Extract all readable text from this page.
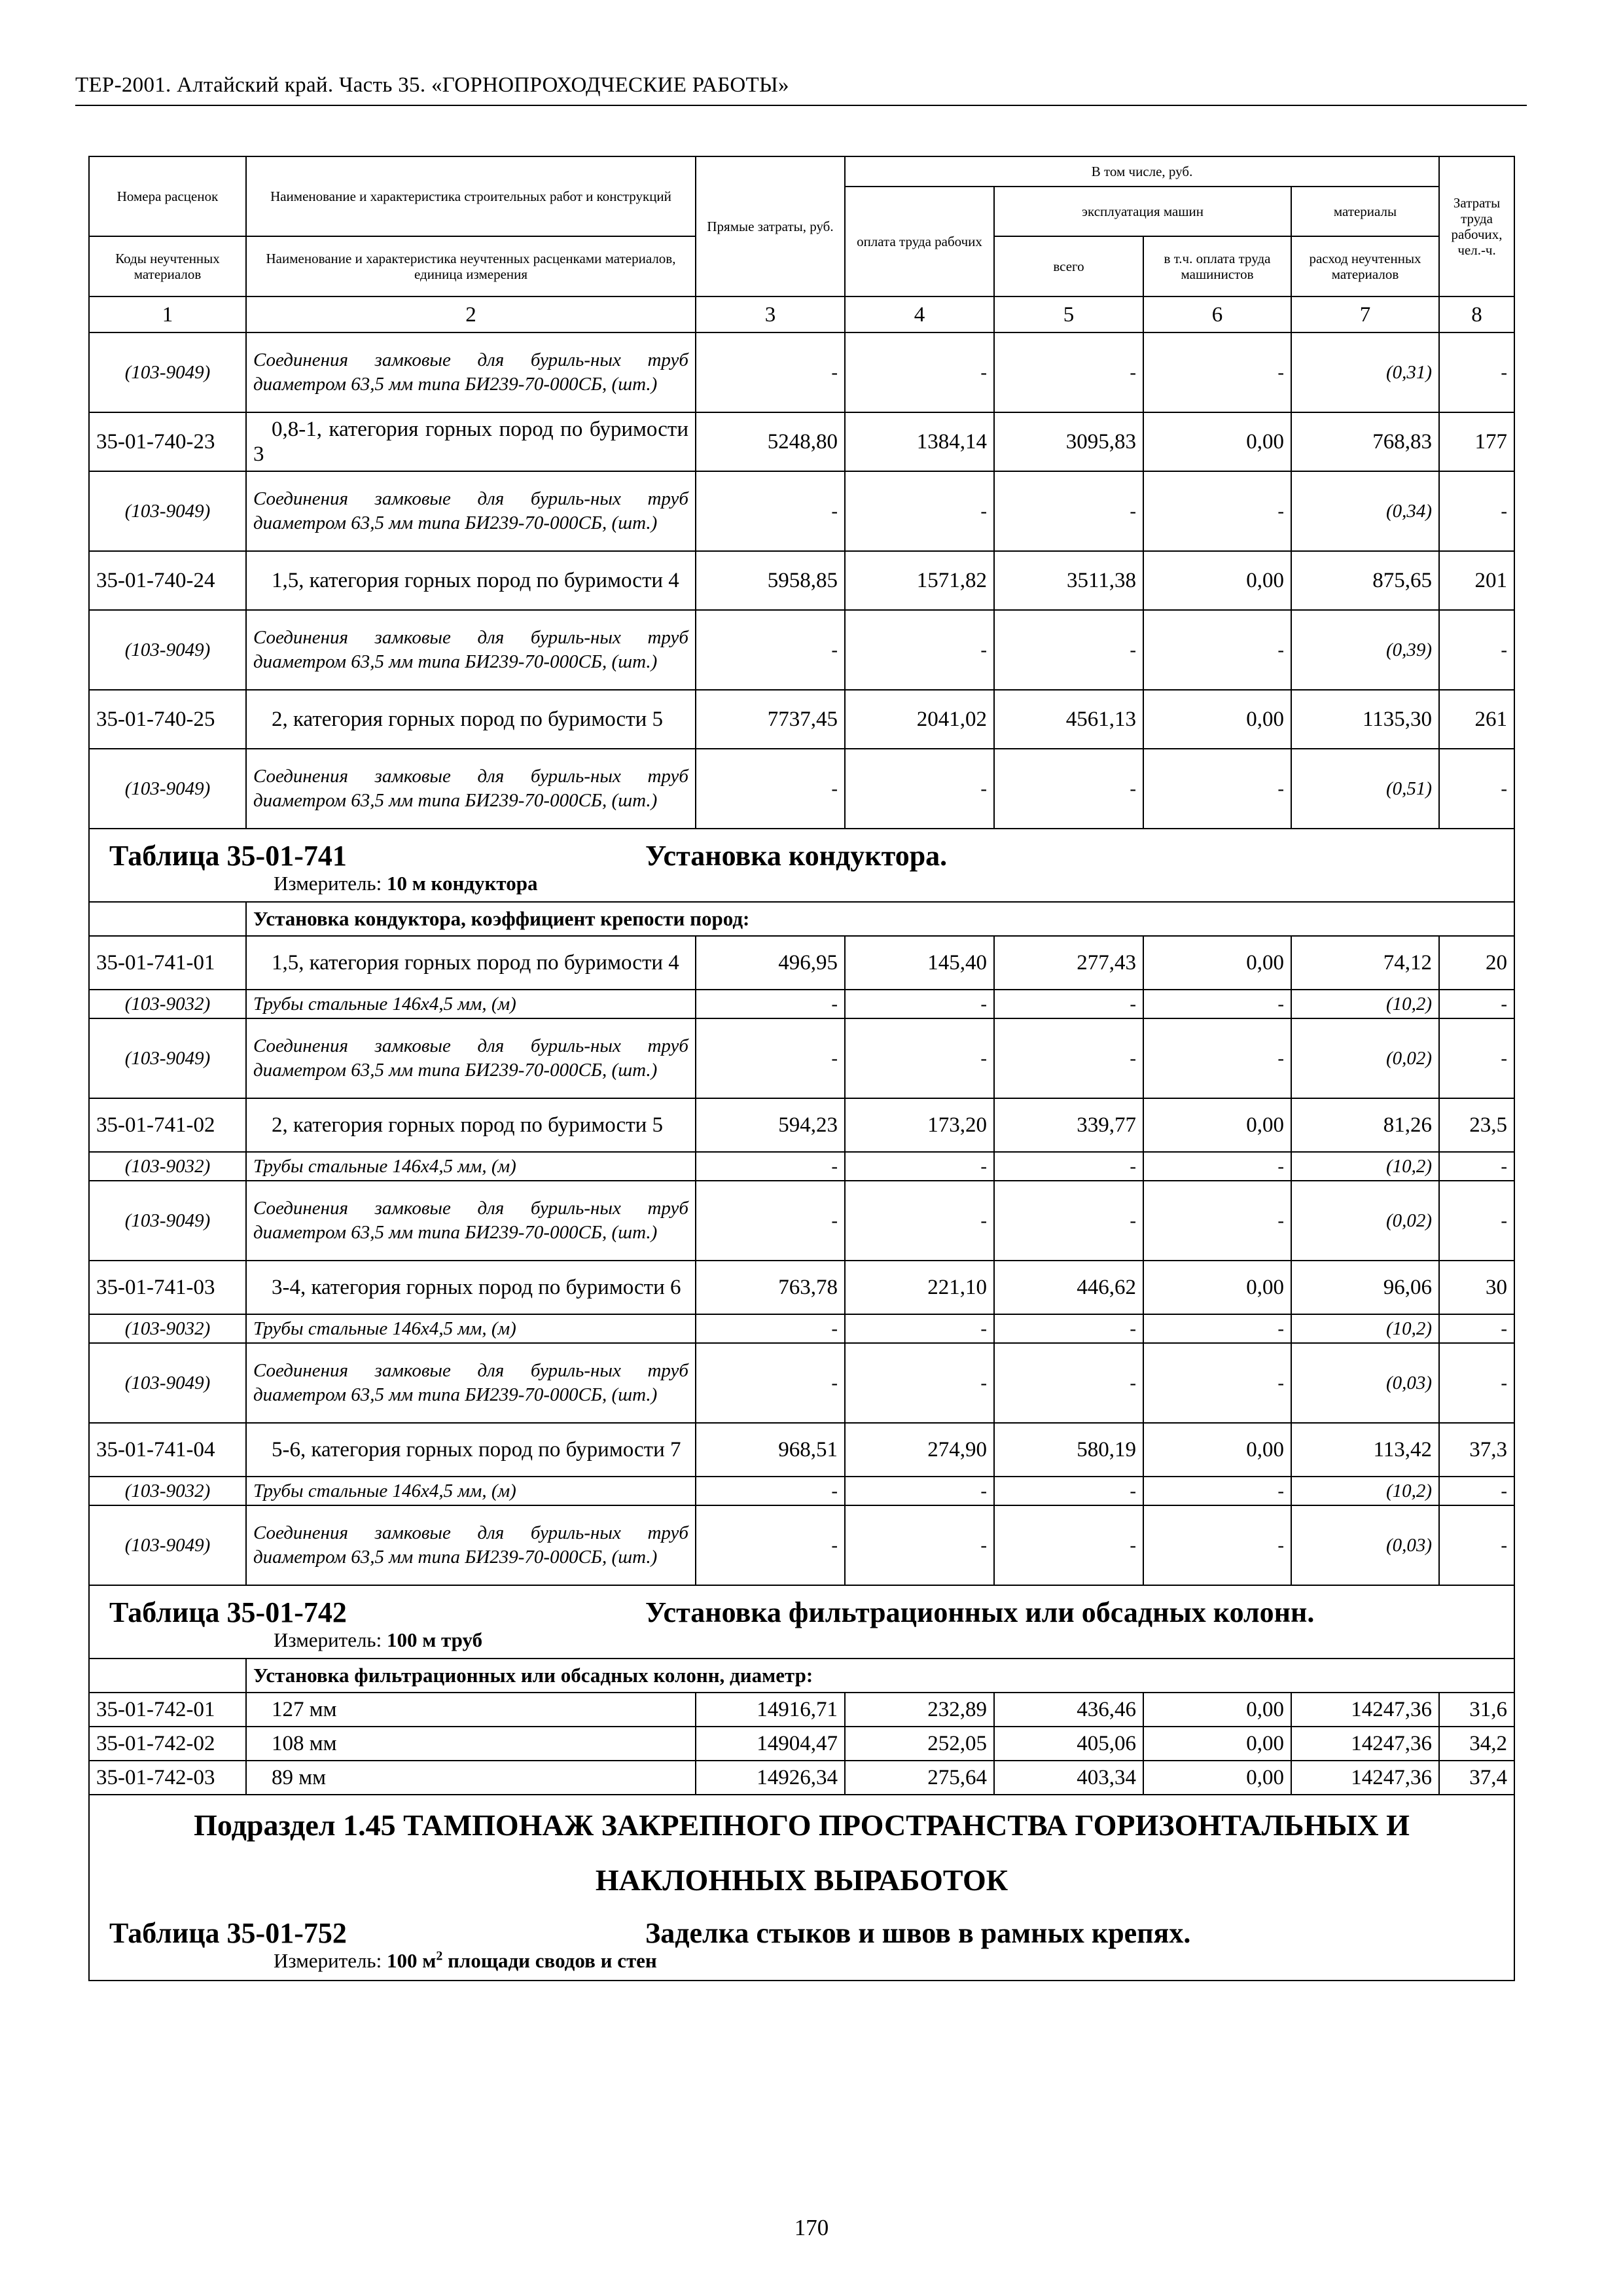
ТЕР-2001. Алтайский край. Часть 35. «ГОРНОПРОХОДЧЕСКИЕ РАБОТЫ»
Номера расценок	Наименование и характеристика строительных работ и конструкций	Прямые затраты, руб.	В том числе, руб.				Затраты труда рабочих, чел.-ч.
			оплата труда рабочих	эксплуатация машин		материалы	
Коды неучтенных материалов	Наименование и характеристика неучтенных расценками материалов, единица измерения			всего	в т.ч. оплата труда машинистов	расход неучтенных материалов	
1	2	3	4	5	6	7	8
(103-9049)	Соединения замковые для буриль-ных труб диаметром 63,5 мм типа БИ239-70-000СБ, (шт.)	-	-	-	-	(0,31)	-
35-01-740-23	0,8-1, категория горных пород по буримости 3	5248,80	1384,14	3095,83	0,00	768,83	177
(103-9049)	Соединения замковые для буриль-ных труб диаметром 63,5 мм типа БИ239-70-000СБ, (шт.)	-	-	-	-	(0,34)	-
35-01-740-24	1,5, категория горных пород по буримости 4	5958,85	1571,82	3511,38	0,00	875,65	201
(103-9049)	Соединения замковые для буриль-ных труб диаметром 63,5 мм типа БИ239-70-000СБ, (шт.)	-	-	-	-	(0,39)	-
35-01-740-25	2, категория горных пород по буримости 5	7737,45	2041,02	4561,13	0,00	1135,30	261
(103-9049)	Соединения замковые для буриль-ных труб диаметром 63,5 мм типа БИ239-70-000СБ, (шт.)	-	-	-	-	(0,51)	-

Таблица 35-01-741 Установка кондуктора.
Измеритель: 10 м кондуктора							

	Установка кондуктора, коэффициент крепости пород:						
35-01-741-01	1,5, категория горных пород по буримости 4	496,95	145,40	277,43	0,00	74,12	20
(103-9032)	Трубы стальные 146х4,5 мм, (м)	-	-	-	-	(10,2)	-
(103-9049)	Соединения замковые для буриль-ных труб диаметром 63,5 мм типа БИ239-70-000СБ, (шт.)	-	-	-	-	(0,02)	-
35-01-741-02	2, категория горных пород по буримости 5	594,23	173,20	339,77	0,00	81,26	23,5
(103-9032)	Трубы стальные 146х4,5 мм, (м)	-	-	-	-	(10,2)	-
(103-9049)	Соединения замковые для буриль-ных труб диаметром 63,5 мм типа БИ239-70-000СБ, (шт.)	-	-	-	-	(0,02)	-
35-01-741-03	3-4, категория горных пород по буримости 6	763,78	221,10	446,62	0,00	96,06	30
(103-9032)	Трубы стальные 146х4,5 мм, (м)	-	-	-	-	(10,2)	-
(103-9049)	Соединения замковые для буриль-ных труб диаметром 63,5 мм типа БИ239-70-000СБ, (шт.)	-	-	-	-	(0,03)	-
35-01-741-04	5-6, категория горных пород по буримости 7	968,51	274,90	580,19	0,00	113,42	37,3
(103-9032)	Трубы стальные 146х4,5 мм, (м)	-	-	-	-	(10,2)	-
(103-9049)	Соединения замковые для буриль-ных труб диаметром 63,5 мм типа БИ239-70-000СБ, (шт.)	-	-	-	-	(0,03)	-

Таблица 35-01-742 Установка фильтрационных или обсадных колонн.
Измеритель: 100 м труб							

	Установка фильтрационных или обсадных колонн, диаметр:						
35-01-742-01	127 мм	14916,71	232,89	436,46	0,00	14247,36	31,6
35-01-742-02	108 мм	14904,47	252,05	405,06	0,00	14247,36	34,2
35-01-742-03	89 мм	14926,34	275,64	403,34	0,00	14247,36	37,4

Подраздел 1.45 ТАМПОНАЖ ЗАКРЕПНОГО ПРОСТРАНСТВА ГОРИЗОНТАЛЬНЫХ И
НАКЛОННЫХ ВЫРАБОТОК
Таблица 35-01-752 Заделка стыков и швов в рамных крепях.
Измеритель: 100 $м^2$ площади сводов и стен							
170
